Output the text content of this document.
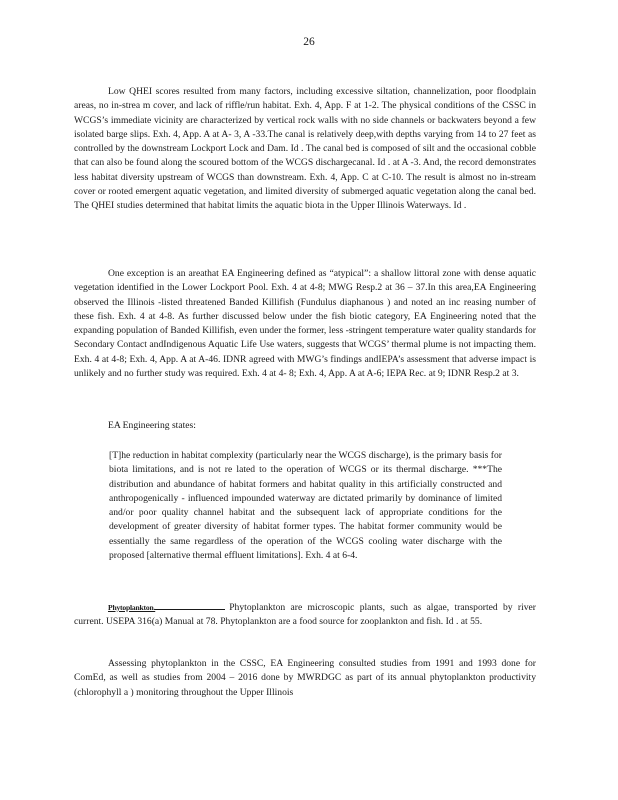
26

Low QHEI scores resulted from many factors, including excessive siltation, channelization, poor floodplain areas, no in-strea m cover, and lack of riffle/run habitat. Exh. 4, App. F at 1-2. The physical conditions of the CSSC in WCGS’s immediate vicinity are characterized by vertical rock walls with no side channels or backwaters beyond a few isolated barge slips. Exh. 4, App. A at A- 3, A -33.The canal is relatively deep,with depths varying from 14 to 27 feet as controlled by the downstream Lockport Lock and Dam. Id . The canal bed is composed of silt and the occasional cobble that can also be found along the scoured bottom of the WCGS dischargecanal. Id . at A -3. And, the record demonstrates less habitat diversity upstream of WCGS than downstream. Exh. 4, App. C at C-10. The result is almost no in-stream cover or rooted emergent aquatic vegetation, and limited diversity of submerged aquatic vegetation along the canal bed. The QHEI studies determined that habitat limits the aquatic biota in the Upper Illinois Waterways. Id .

One exception is an areathat EA Engineering defined as “atypical”: a shallow littoral zone with dense aquatic vegetation identified in the Lower Lockport Pool. Exh. 4 at 4-8; MWG Resp.2 at 36 – 37.In this area,EA Engineering observed the Illinois -listed threatened Banded Killifish (Fundulus diaphanous ) and noted an inc reasing number of these fish. Exh. 4 at 4-8. As further discussed below under the fish biotic category, EA Engineering noted that the expanding population of Banded Killifish, even under the former, less -stringent temperature water quality standards for Secondary Contact andIndigenous Aquatic Life Use waters, suggests that WCGS’ thermal plume is not impacting them. Exh. 4 at 4-8; Exh. 4, App. A at A-46. IDNR agreed with MWG’s findings andIEPA’s assessment that adverse impact is unlikely and no further study was required. Exh. 4 at 4- 8; Exh. 4, App. A at A-6; IEPA Rec. at 9; IDNR Resp.2 at 3.

EA Engineering states:

[T]he reduction in habitat complexity (particularly near the WCGS discharge), is the primary basis for biota limitations, and is not re lated to the operation of WCGS or its thermal discharge. ***The distribution and abundance of habitat formers and habitat quality in this artificially constructed and anthropogenically - influenced impounded waterway are dictated primarily by dominance of limited and/or poor quality channel habitat and the subsequent lack of appropriate conditions for the development of greater diversity of habitat former types. The habitat former community would be essentially the same regardless of the operation of the WCGS cooling water discharge with the proposed [alternative thermal effluent limitations]. Exh. 4 at 6-4.

Phytoplankton.	Phytoplankton are microscopic plants, such as algae, transported by river current. USEPA 316(a) Manual at 78. Phytoplankton are a food source for zooplankton and fish. Id . at 55.

Assessing phytoplankton in the CSSC, EA Engineering consulted studies from 1991 and 1993 done for ComEd, as well as studies from 2004 – 2016 done by MWRDGC as part of its annual phytoplankton productivity (chlorophyll a ) monitoring throughout the Upper Illinois
